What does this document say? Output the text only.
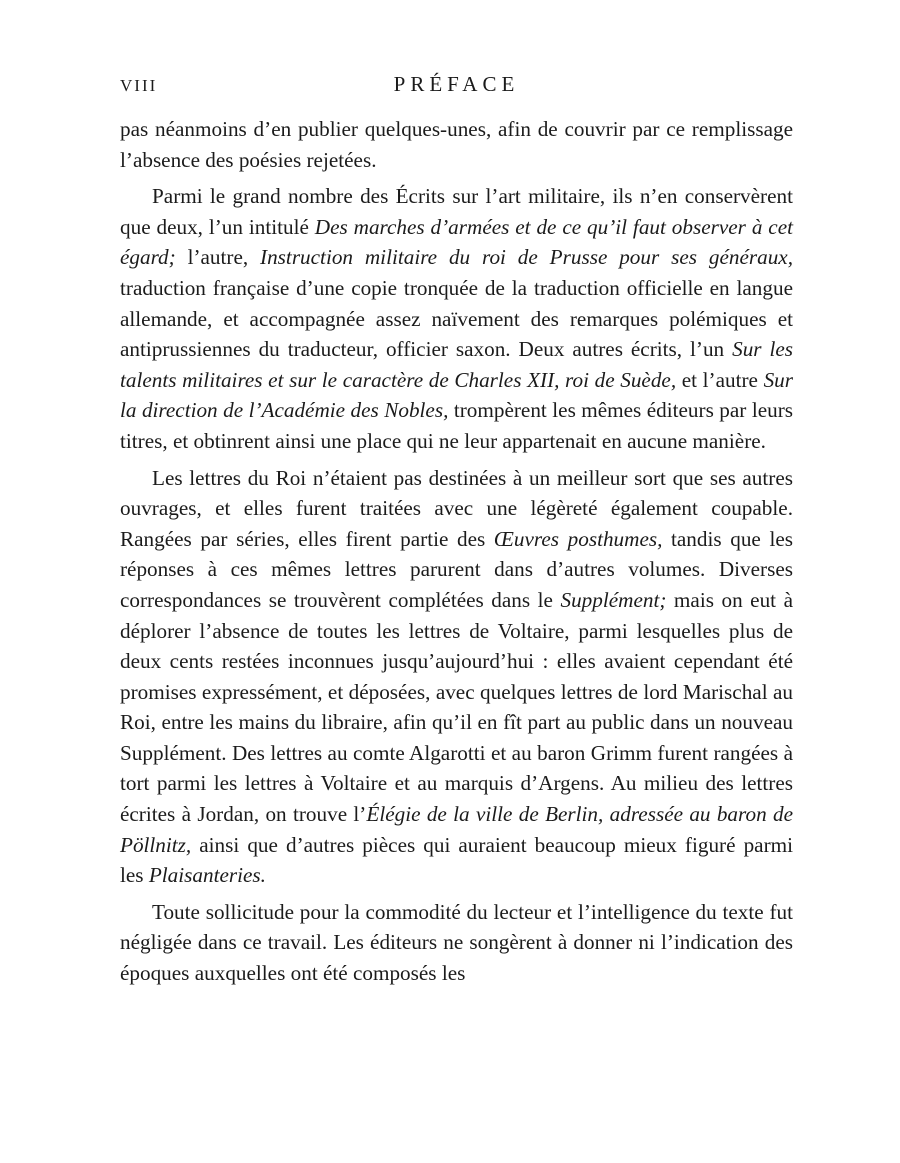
VIII	PRÉFACE

pas néanmoins d’en publier quelques-unes, afin de couvrir par ce remplissage l’absence des poésies rejetées.

Parmi le grand nombre des Écrits sur l’art militaire, ils n’en conservèrent que deux, l’un intitulé Des marches d’armées et de ce qu’il faut observer à cet égard; l’autre, Instruction militaire du roi de Prusse pour ses généraux, traduction française d’une copie tronquée de la traduction officielle en langue allemande, et accompagnée assez naïvement des remarques polémiques et antiprussiennes du traducteur, officier saxon. Deux autres écrits, l’un Sur les talents militaires et sur le caractère de Charles XII, roi de Suède, et l’autre Sur la direction de l’Académie des Nobles, trompèrent les mêmes éditeurs par leurs titres, et obtinrent ainsi une place qui ne leur appartenait en aucune manière.

Les lettres du Roi n’étaient pas destinées à un meilleur sort que ses autres ouvrages, et elles furent traitées avec une légèreté également coupable. Rangées par séries, elles firent partie des Œuvres posthumes, tandis que les réponses à ces mêmes lettres parurent dans d’autres volumes. Diverses correspondances se trouvèrent complétées dans le Supplément; mais on eut à déplorer l’absence de toutes les lettres de Voltaire, parmi lesquelles plus de deux cents restées inconnues jusqu’aujourd’hui : elles avaient cependant été promises expressément, et déposées, avec quelques lettres de lord Marischal au Roi, entre les mains du libraire, afin qu’il en fît part au public dans un nouveau Supplément. Des lettres au comte Algarotti et au baron Grimm furent rangées à tort parmi les lettres à Voltaire et au marquis d’Argens. Au milieu des lettres écrites à Jordan, on trouve l’Élégie de la ville de Berlin, adressée au baron de Pöllnitz, ainsi que d’autres pièces qui auraient beaucoup mieux figuré parmi les Plaisanteries.

Toute sollicitude pour la commodité du lecteur et l’intelligence du texte fut négligée dans ce travail. Les éditeurs ne songèrent à donner ni l’indication des époques auxquelles ont été composés les
